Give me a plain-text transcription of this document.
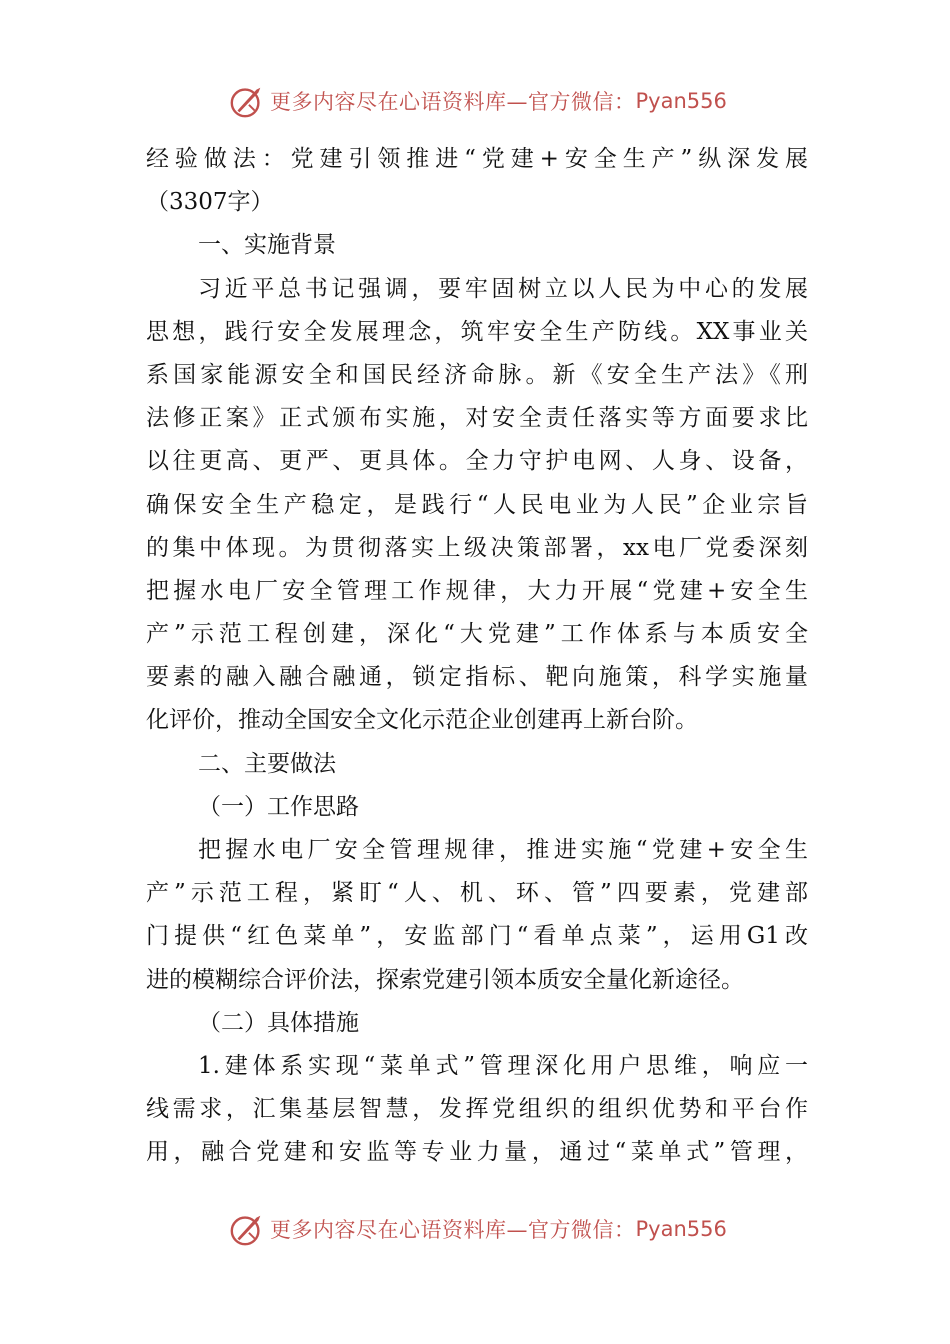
更多内容尽在心语资料库—官方微信： Pyan556
经验做法：党建引领推进“党建+安全生产”纵深发展
（3307字）
一、实施背景
习近平总书记强调，要牢固树立以人民为中心的发展
思想，践行安全发展理念，筑牢安全生产防线。XX事业关
系国家能源安全和国民经济命脉。新《安全生产法》《刑
法修正案》正式颁布实施，对安全责任落实等方面要求比
以往更高、更严、更具体。全力守护电网、人身、设备，
确保安全生产稳定，是践行“人民电业为人民”企业宗旨
的集中体现。为贯彻落实上级决策部署，xx电厂党委深刻
把握水电厂安全管理工作规律，大力开展“党建+安全生
产”示范工程创建，深化“大党建”工作体系与本质安全
要素的融入融合融通，锁定指标、靶向施策，科学实施量
化评价，推动全国安全文化示范企业创建再上新台阶。
二、主要做法
（一）工作思路
把握水电厂安全管理规律，推进实施“党建+安全生
产”示范工程，紧盯“人、机、环、管”四要素，党建部
门提供“红色菜单”，安监部门“看单点菜”，运用G1改
进的模糊综合评价法，探索党建引领本质安全量化新途径。
（二）具体措施
1.建体系实现“菜单式”管理深化用户思维，响应一
线需求，汇集基层智慧，发挥党组织的组织优势和平台作
用，融合党建和安监等专业力量，通过“菜单式”管理，
更多内容尽在心语资料库—官方微信： Pyan556
